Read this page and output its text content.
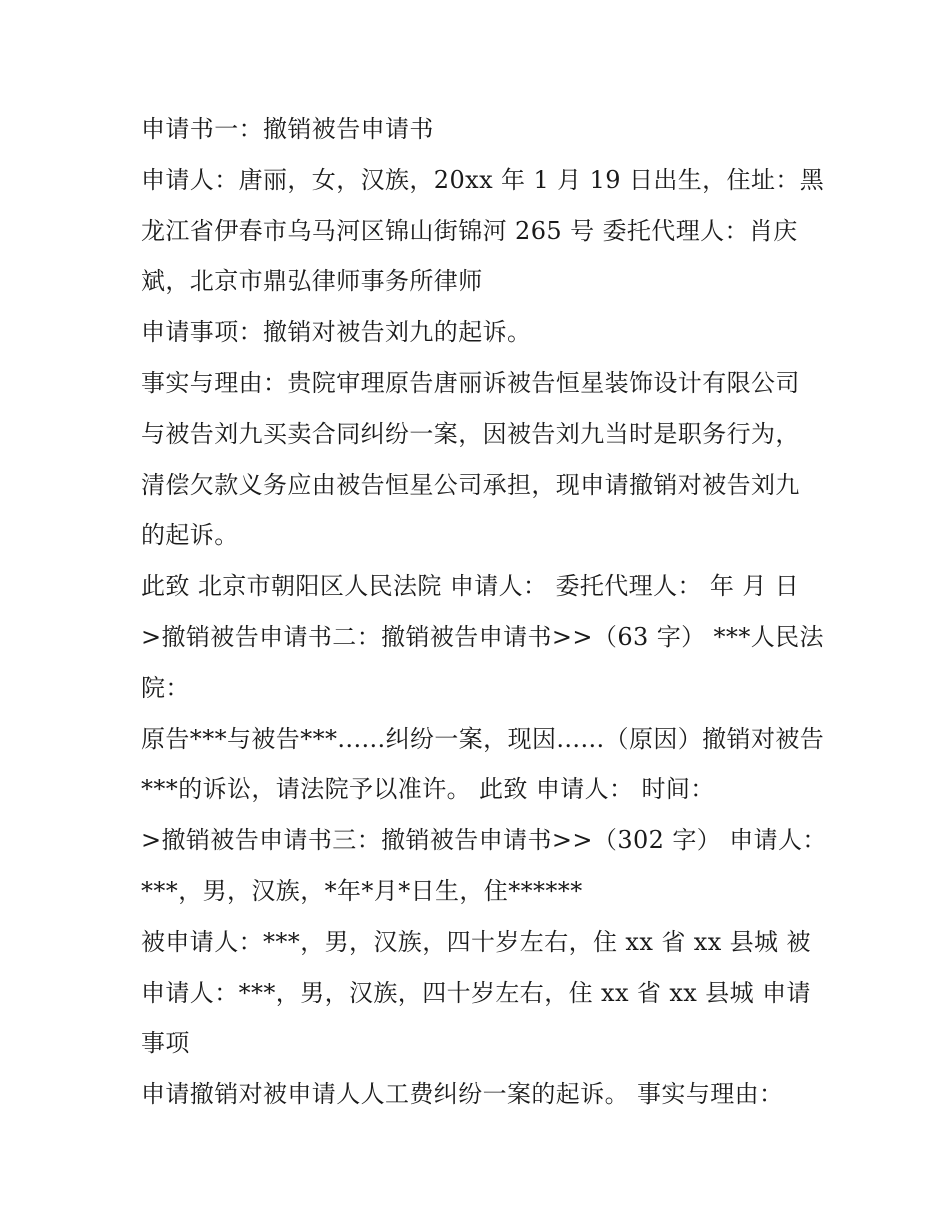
申请书一：撤销被告申请书
申请人：唐丽，女，汉族，20xx 年 1 月 19 日出生，住址：黑
龙江省伊春市乌马河区锦山街锦河 265 号 委托代理人：肖庆
斌，北京市鼎弘律师事务所律师
申请事项：撤销对被告刘九的起诉。
事实与理由：贵院审理原告唐丽诉被告恒星装饰设计有限公司
与被告刘九买卖合同纠纷一案，因被告刘九当时是职务行为，
清偿欠款义务应由被告恒星公司承担，现申请撤销对被告刘九
的起诉。
此致 北京市朝阳区人民法院 申请人： 委托代理人： 年 月 日
>撤销被告申请书二：撤销被告申请书>>（63 字） ***人民法
院：
原告***与被告***......纠纷一案，现因......（原因）撤销对被告
***的诉讼，请法院予以准许。 此致 申请人： 时间：
>撤销被告申请书三：撤销被告申请书>>（302 字） 申请人：
***，男，汉族，*年*月*日生，住******
被申请人：***，男，汉族，四十岁左右，住 xx 省 xx 县城 被
申请人：***，男，汉族，四十岁左右，住 xx 省 xx 县城 申请
事项
申请撤销对被申请人人工费纠纷一案的起诉。 事实与理由：
